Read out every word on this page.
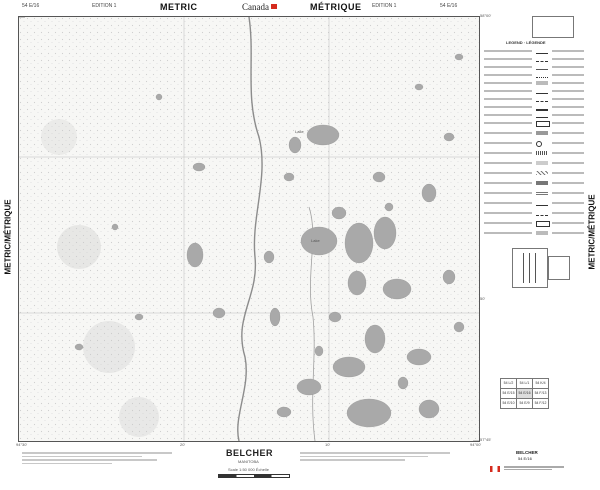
54 E/16	EDITION 1	METRIC	Canada	MÉTRIQUE EDITION 1	54 E/16
METRIC/MÉTRIQUE	METRIC/MÉTRIQUE
Lake
Lake
58°00'
57°45'
94°30'	94°00'
20'	10'
50'
BELCHER
MANITOBA
Scale 1:50 000 Échelle
LEGEND · LÉGENDE
54 L/2	54 L/1	54 K/4
54 E/15	54 E/16	54 F/13
54 E/10	54 E/9	54 F/12
BELCHER
54 E/16
